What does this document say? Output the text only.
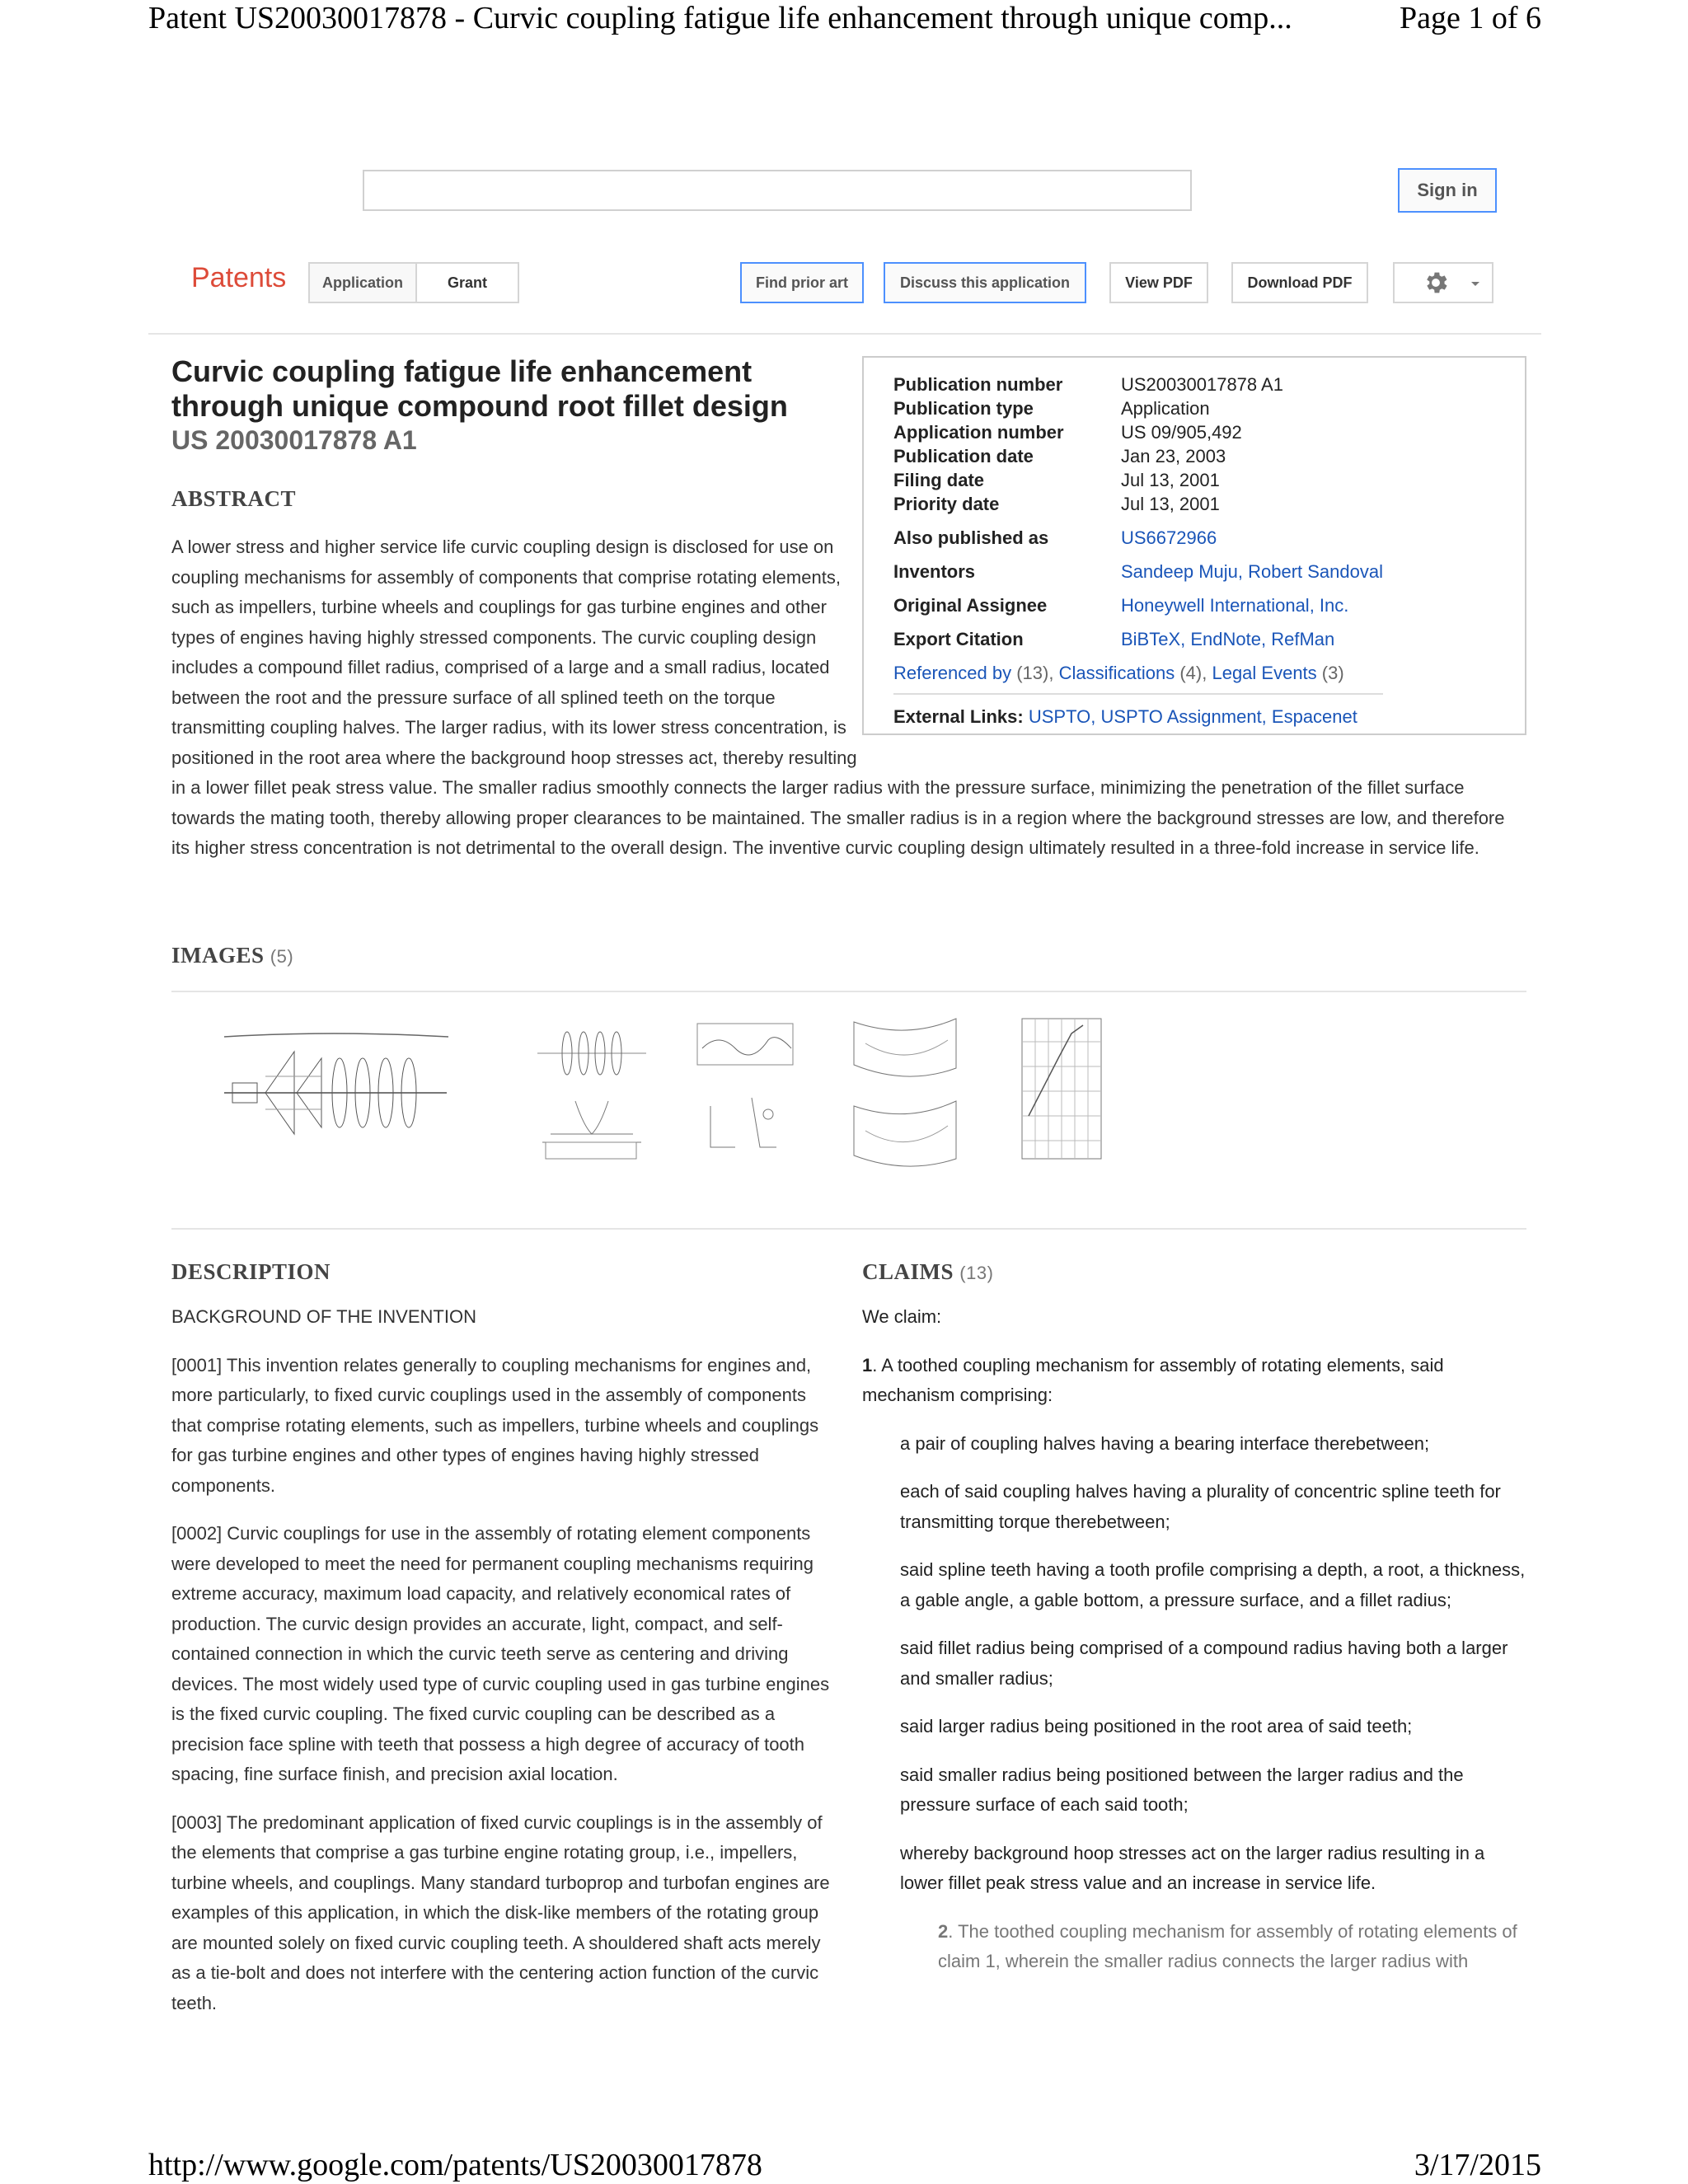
Patent US20030017878 - Curvic coupling fatigue life enhancement through unique comp...	Page 1 of 6
Sign in
Patents	Application	Grant	Find prior art	Discuss this application	View PDF	Download PDF
Curvic coupling fatigue life enhancement through unique compound root fillet design
US 20030017878 A1
Publication number	US20030017878 A1
Publication type	Application
Application number	US 09/905,492
Publication date	Jan 23, 2003
Filing date	Jul 13, 2001
Priority date	Jul 13, 2001
Also published as	US6672966
Inventors	Sandeep Muju, Robert Sandoval
Original Assignee	Honeywell International, Inc.
Export Citation	BiBTeX, EndNote, RefMan
Referenced by (13), Classifications (4), Legal Events (3)	
External Links: USPTO, USPTO Assignment, Espacenet	
ABSTRACT
A lower stress and higher service life curvic coupling design is disclosed for use on coupling mechanisms for assembly of components that comprise rotating elements, such as impellers, turbine wheels and couplings for gas turbine engines and other types of engines having highly stressed components. The curvic coupling design includes a compound fillet radius, comprised of a large and a small radius, located between the root and the pressure surface of all splined teeth on the torque transmitting coupling halves. The larger radius, with its lower stress concentration, is positioned in the root area where the background hoop stresses act, thereby resulting in a lower fillet peak stress value. The smaller radius smoothly connects the larger radius with the pressure surface, minimizing the penetration of the fillet surface towards the mating tooth, thereby allowing proper clearances to be maintained. The smaller radius is in a region where the background stresses are low, and therefore its higher stress concentration is not detrimental to the overall design. The inventive curvic coupling design ultimately resulted in a three-fold increase in service life.
IMAGES (5)
DESCRIPTION

BACKGROUND OF THE INVENTION

[0001] This invention relates generally to coupling mechanisms for engines and, more particularly, to fixed curvic couplings used in the assembly of components that comprise rotating elements, such as impellers, turbine wheels and couplings for gas turbine engines and other types of engines having highly stressed components.

[0002] Curvic couplings for use in the assembly of rotating element components were developed to meet the need for permanent coupling mechanisms requiring extreme accuracy, maximum load capacity, and relatively economical rates of production. The curvic design provides an accurate, light, compact, and self-contained connection in which the curvic teeth serve as centering and driving devices. The most widely used type of curvic coupling used in gas turbine engines is the fixed curvic coupling. The fixed curvic coupling can be described as a precision face spline with teeth that possess a high degree of accuracy of tooth spacing, fine surface finish, and precision axial location.

[0003] The predominant application of fixed curvic couplings is in the assembly of the elements that comprise a gas turbine engine rotating group, i.e., impellers, turbine wheels, and couplings. Many standard turboprop and turbofan engines are examples of this application, in which the disk-like members of the rotating group are mounted solely on fixed curvic coupling teeth. A shouldered shaft acts merely as a tie-bolt and does not interfere with the centering action function of the curvic teeth.

CLAIMS (13)

We claim:

1. A toothed coupling mechanism for assembly of rotating elements, said mechanism comprising:

a pair of coupling halves having a bearing interface therebetween;

each of said coupling halves having a plurality of concentric spline teeth for transmitting torque therebetween;

said spline teeth having a tooth profile comprising a depth, a root, a thickness, a gable angle, a gable bottom, a pressure surface, and a fillet radius;

said fillet radius being comprised of a compound radius having both a larger and smaller radius;

said larger radius being positioned in the root area of said teeth;

said smaller radius being positioned between the larger radius and the pressure surface of each said tooth;

whereby background hoop stresses act on the larger radius resulting in a lower fillet peak stress value and an increase in service life.

2. The toothed coupling mechanism for assembly of rotating elements of claim 1, wherein the smaller radius connects the larger radius with

http://www.google.com/patents/US20030017878	3/17/2015
